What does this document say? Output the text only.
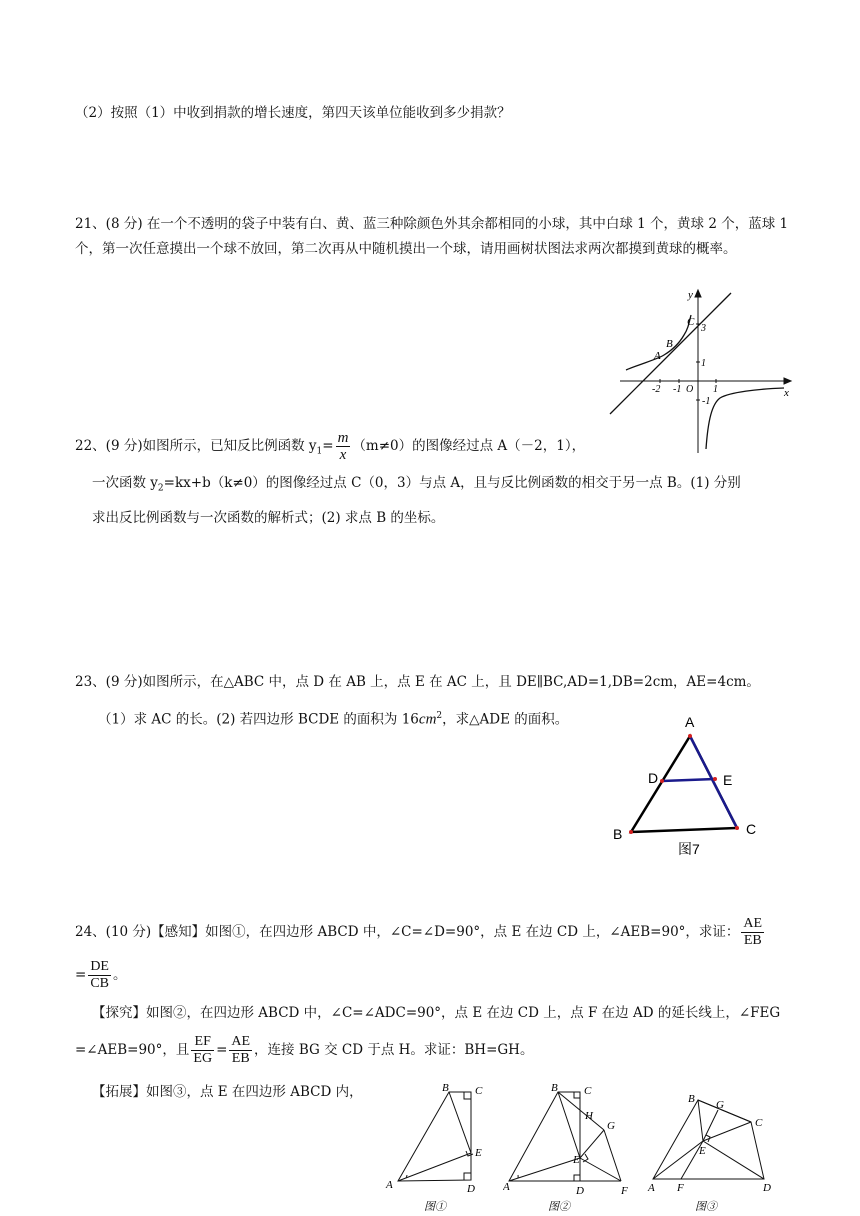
（2）按照（1）中收到捐款的增长速度，第四天该单位能收到多少捐款？
21、(8 分) 在一个不透明的袋子中装有白、黄、蓝三种除颜色外其余都相同的小球，其中白球 1 个，黄球 2 个，蓝球 1 个，第一次任意摸出一个球不放回，第二次再从中随机摸出一个球，请用画树状图法求两次都摸到黄球的概率。
y
x
A
B
C
3
1
-2 -1 O 1
-1
22、(9 分)如图所示，已知反比例函数 $y_1= \frac{m}{x} (m\ne 0)$的图像经过点 A（－2，1），
一次函数 $y_2=kx+b(k\ne 0)$的图像经过点 C（0，3）与点 A，且与反比例函数的相交于另一点 B。(1) 分别
求出反比例函数与一次函数的解析式；(2) 求点 B 的坐标。
23、(9 分)如图所示，在△ABC 中，点 D 在 AB 上，点 E 在 AC 上，且 DE∥BC,AD=1,DB=2cm，AE=4cm。
（1）求 AC 的长。(2) 若四边形 BCDE 的面积为 $16cm^2$，求△ADE 的面积。	A
B	C
D	E
图7
24、(10 分)【感知】如图①，在四边形 ABCD 中，∠C=∠D=90°，点 E 在边 CD 上，∠AEB=90°，求证： $\frac{AE}{EB}$
= $\frac{DE}{CB}$ 。
【探究】如图②，在四边形 ABCD 中，∠C=∠ADC=90°，点 E 在边 CD 上，点 F 在边 AD 的延长线上，∠FEG
=∠AEB=90°，且 $\frac{EF}{EG} = \frac{AE}{EB}$ ，连接 BG 交 CD 于点 H。求证：BH=GH。
【拓展】如图③，点 E 在四边形 ABCD 内，	B C
E
A	D
图①
B C
H
G
E
A	D	F
图②
B G
C
E
A F	D
图③
